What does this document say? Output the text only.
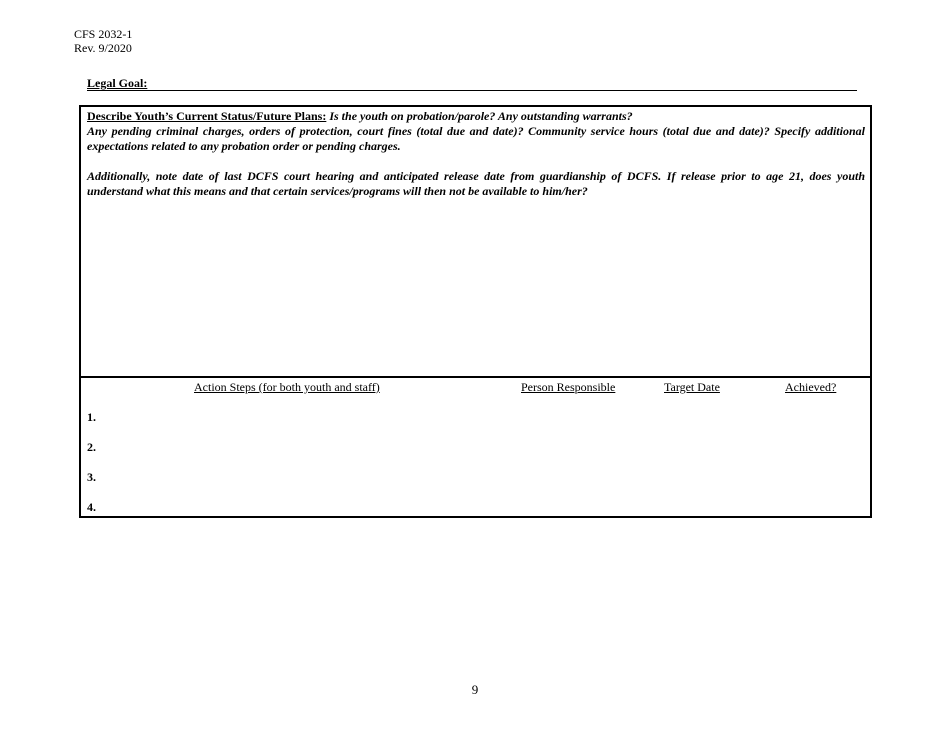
CFS 2032-1
Rev. 9/2020
Legal Goal:

Describe Youth’s Current Status/Future Plans: Is the youth on probation/parole? Any outstanding warrants?
Any pending criminal charges, orders of protection, court fines (total due and date)? Community service hours (total due and date)? Specify additional expectations related to any probation order or pending charges.

Additionally, note date of last DCFS court hearing and anticipated release date from guardianship of DCFS. If release prior to age 21, does youth understand what this means and that certain services/programs will then not be available to him/her?

Action Steps (for both youth and staff)	Person Responsible	Target Date	Achieved?
1.
2.
3.
4.
9
